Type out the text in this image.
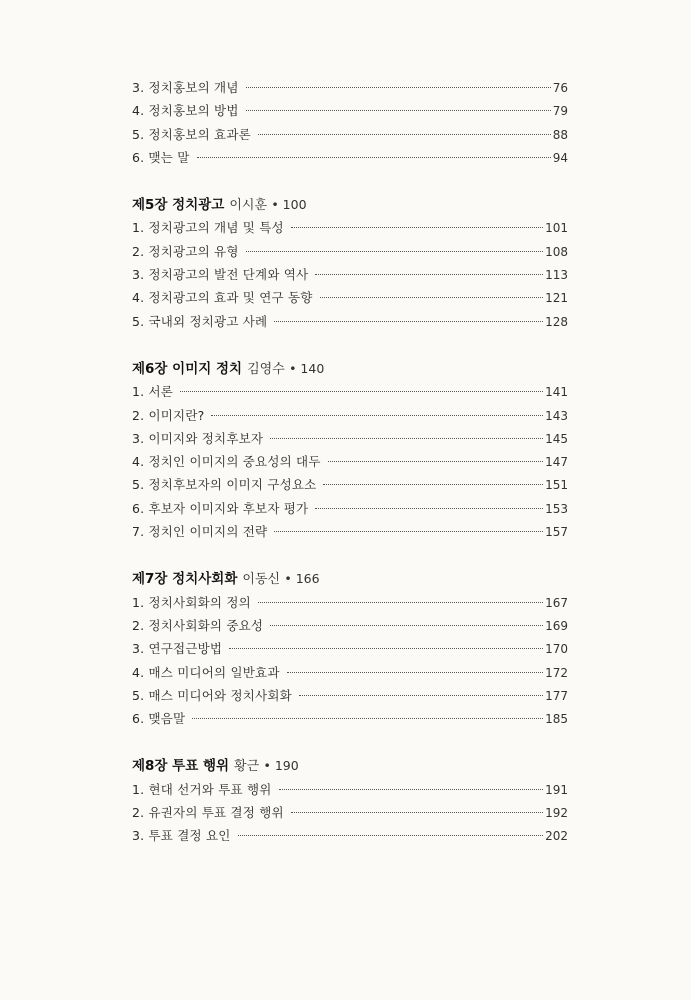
3. 정치홍보의 개념	76
4. 정치홍보의 방법	79
5. 정치홍보의 효과론	88
6. 맺는 말	94
제5장 정치광고 이시훈 • 100
1. 정치광고의 개념 및 특성	101
2. 정치광고의 유형	108
3. 정치광고의 발전 단계와 역사	113
4. 정치광고의 효과 및 연구 동향	121
5. 국내외 정치광고 사례	128
제6장 이미지 정치 김영수 • 140
1. 서론	141
2. 이미지란?	143
3. 이미지와 정치후보자	145
4. 정치인 이미지의 중요성의 대두	147
5. 정치후보자의 이미지 구성요소	151
6. 후보자 이미지와 후보자 평가	153
7. 정치인 이미지의 전략	157
제7장 정치사회화 이동신 • 166
1. 정치사회화의 정의	167
2. 정치사회화의 중요성	169
3. 연구접근방법	170
4. 매스 미디어의 일반효과	172
5. 매스 미디어와 정치사회화	177
6. 맺음말	185
제8장 투표 행위 황근 • 190
1. 현대 선거와 투표 행위	191
2. 유권자의 투표 결정 행위	192
3. 투표 결정 요인	202
